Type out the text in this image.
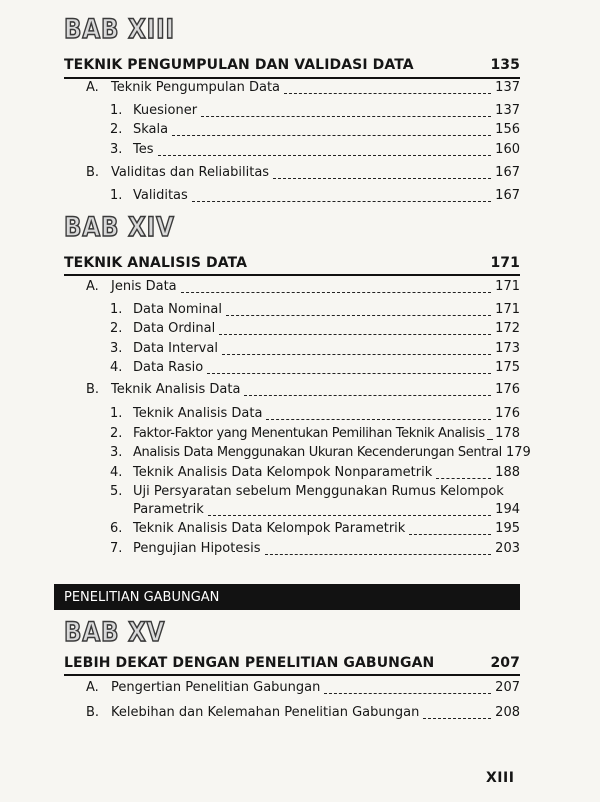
BAB XIII
TEKNIK PENGUMPULAN DAN VALIDASI DATA	135
A. Teknik Pengumpulan Data	137
1. Kuesioner	137
2. Skala	156
3. Tes	160
B. Validitas dan Reliabilitas	167
1. Validitas	167
BAB XIV
TEKNIK ANALISIS DATA	171
A. Jenis Data	171
1. Data Nominal	171
2. Data Ordinal	172
3. Data Interval	173
4. Data Rasio	175
B. Teknik Analisis Data	176
1. Teknik Analisis Data	176
2. Faktor-Faktor yang Menentukan Pemilihan Teknik Analisis 178
3. Analisis Data Menggunakan Ukuran Kecenderungan Sentral 179
4. Teknik Analisis Data Kelompok Nonparametrik	188
5. Uji Persyaratan sebelum Menggunakan Rumus Kelompok
Parametrik	194
6. Teknik Analisis Data Kelompok Parametrik	195
7. Pengujian Hipotesis	203
PENELITIAN GABUNGAN
BAB XV
LEBIH DEKAT DENGAN PENELITIAN GABUNGAN	207
A. Pengertian Penelitian Gabungan	207
B. Kelebihan dan Kelemahan Penelitian Gabungan	208
XIII
